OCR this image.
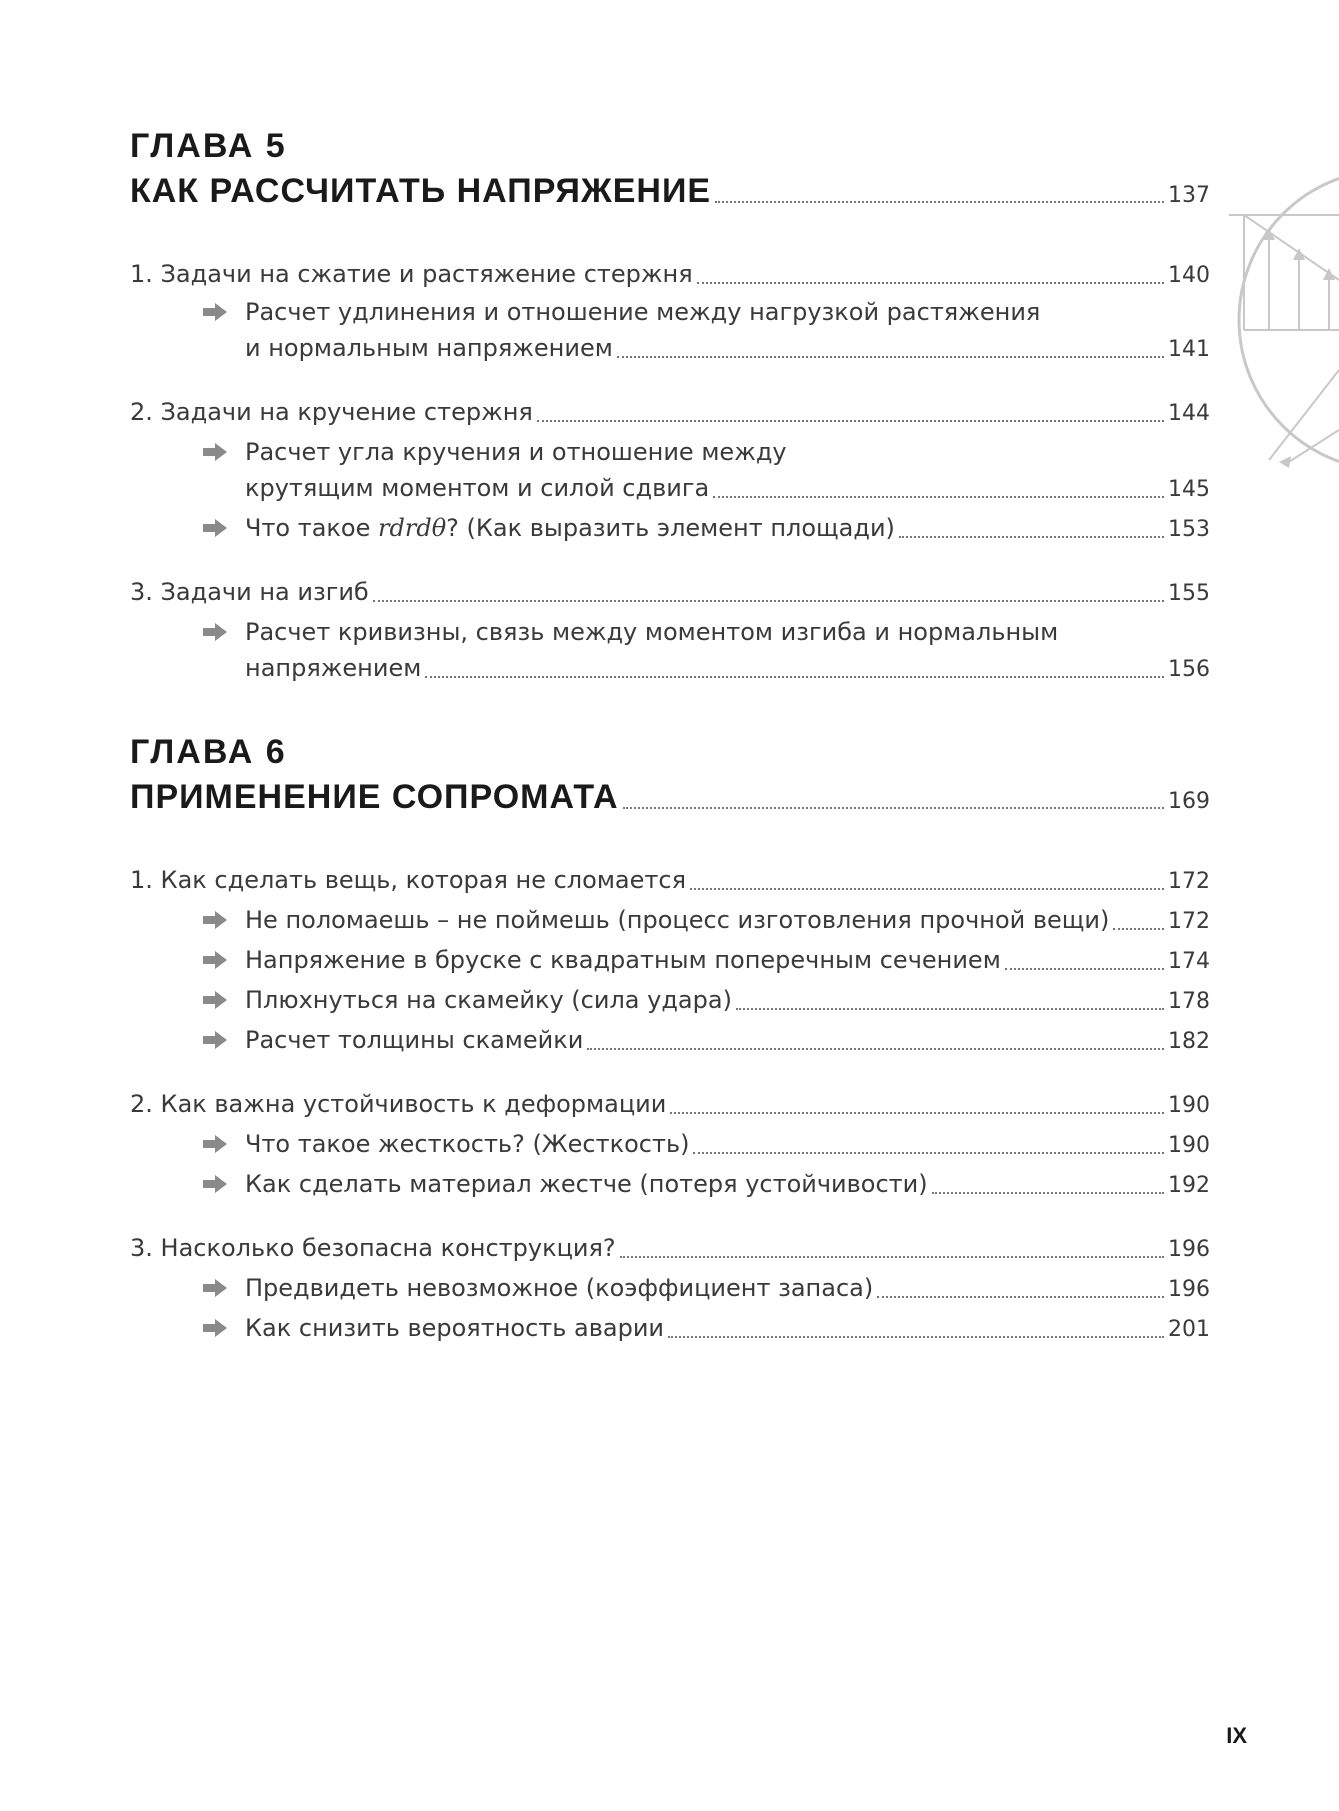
ГЛАВА 5
КАК РАССЧИТАТЬ НАПРЯЖЕНИЕ	137
1. Задачи на сжатие и растяжение стержня	140
Расчет удлинения и отношение между нагрузкой растяжения
и нормальным напряжением	141
2. Задачи на кручение стержня	144
Расчет угла кручения и отношение между
крутящим моментом и силой сдвига	145
Что такое rdrdθ? (Как выразить элемент площади)	153
3. Задачи на изгиб	155
Расчет кривизны, связь между моментом изгиба и нормальным
напряжением	156
ГЛАВА 6
ПРИМЕНЕНИЕ СОПРОМАТА	169
1. Как сделать вещь, которая не сломается	172
Не поломаешь – не поймешь (процесс изготовления прочной вещи)	172
Напряжение в бруске с квадратным поперечным сечением	174
Плюхнуться на скамейку (сила удара)	178
Расчет толщины скамейки	182
2. Как важна устойчивость к деформации	190
Что такое жесткость? (Жесткость)	190
Как сделать материал жестче (потеря устойчивости)	192
3. Насколько безопасна конструкция?	196
Предвидеть невозможное (коэффициент запаса)	196
Как снизить вероятность аварии	201
IX
